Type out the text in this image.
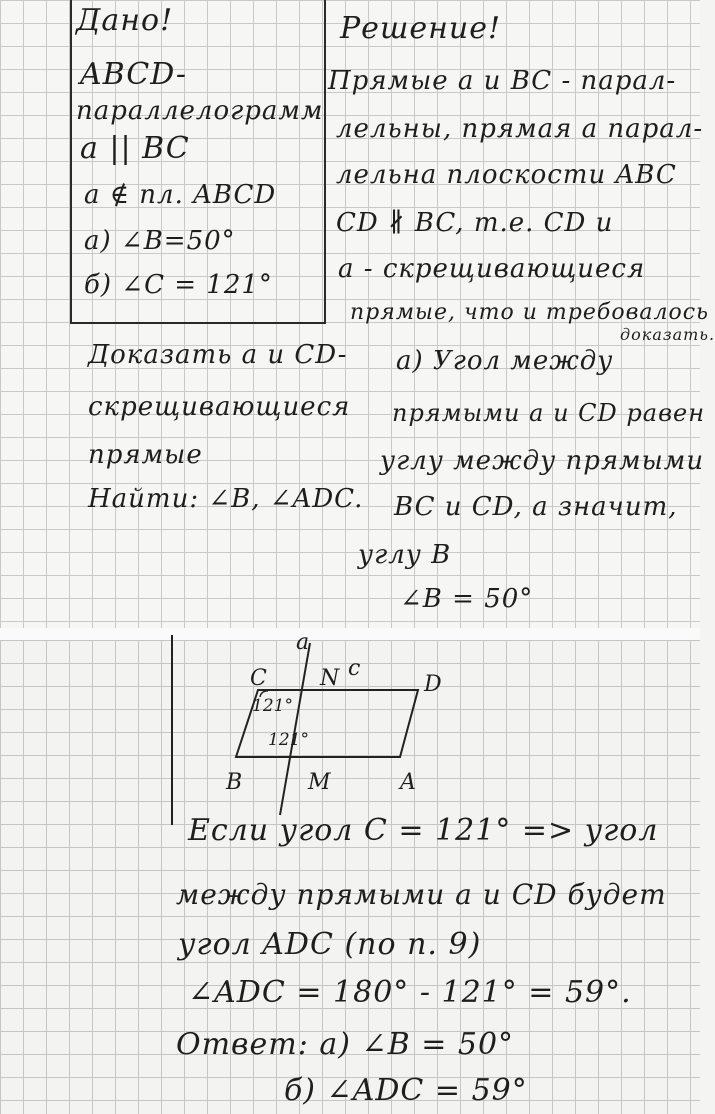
Дано!
ABCD-
параллелограмм
a || BC
a ∉ пл. ABCD
а) ∠B=50°
б) ∠C = 121°
Доказать a и CD-
скрещивающиеся
прямые
Найти: ∠B, ∠ADC.
Решение!
Прямые a и BC - парал-
лельны, прямая a парал-
лельна плоскости ABC
CD ∦ BC, т.е. CD и
a - скрещивающиеся
прямые, что и требовалось
доказать.
а) Угол между
прямыми a и CD равен
углу между прямыми
BC и CD, а значит,
углу B
∠B = 50°
a
C N c
D
121°
121°
B	M	A
Если угол C = 121° => угол
между прямыми a и CD будет
угол ADC (по п. 9)
∠ADC = 180° - 121° = 59°.
Ответ: а) ∠B = 50°
б) ∠ADC = 59°
